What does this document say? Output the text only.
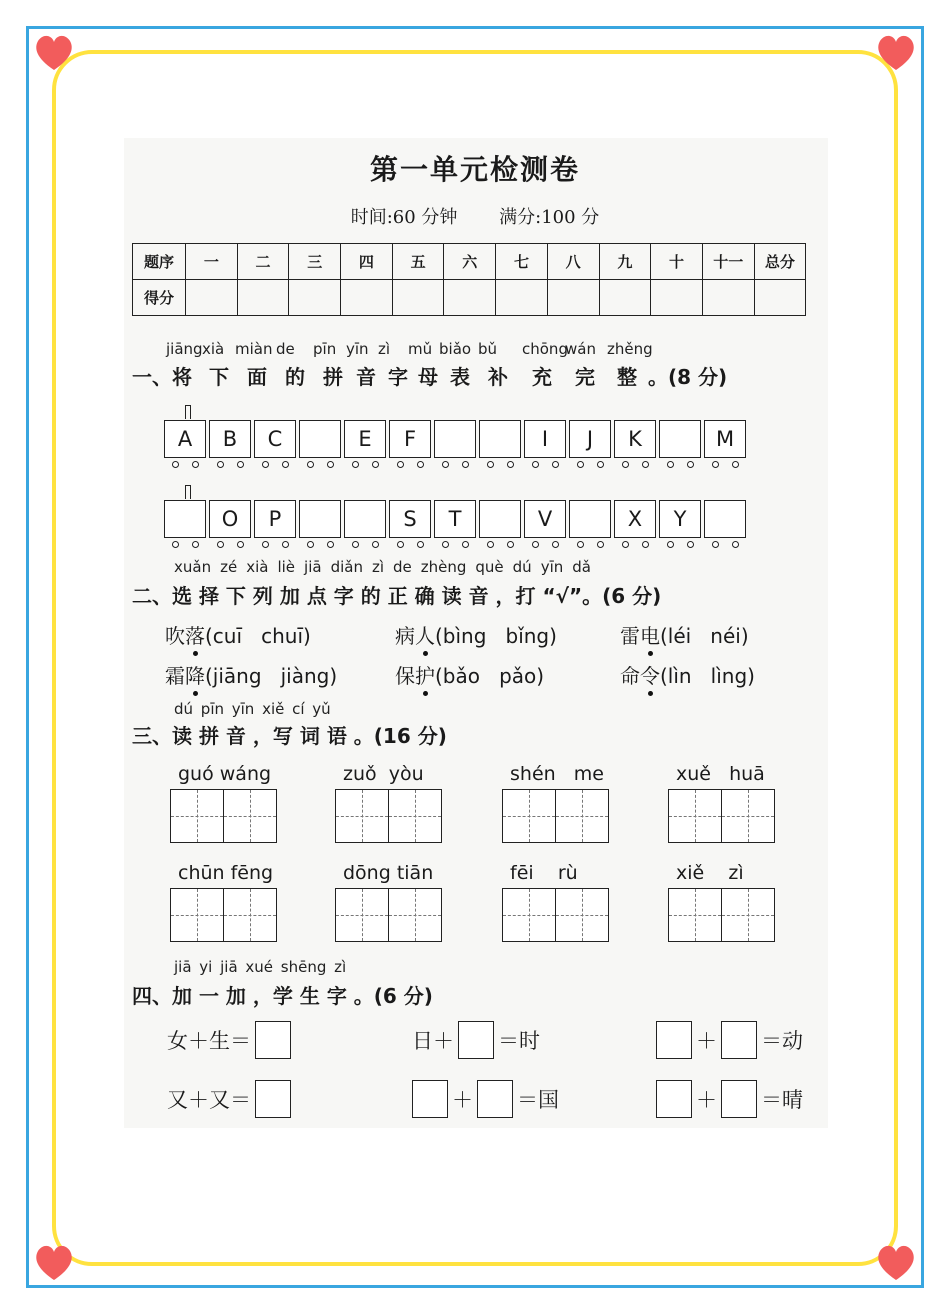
第一单元检测卷
时间:60 分钟 满分:100 分
题序	一	二	三	四	五	六	七	八	九	十	十一	总分
得分												
jiāng xià miàn de pīn yīn zì mǔ biǎo bǔ chōng
wán zhěng
一、将 下 面 的 拼 音 字 母 表 补 充 完 整 。(8 分)
A B C	E F	I J K	M
O P	S T	V	X Y
xuǎn zé xià liè jiā diǎn zì de zhèng què dú yīn dǎ
二、选 择 下 列 加 点 字 的 正 确 读 音 ，打 “√”。(6 分)
吹落(cuī   chuī)	病人(bìng   bǐng)	雷电(léi   néi)
霜降(jiāng   jiàng)	保护(bǎo   pǎo)	命令(lìn   lìng)
dú pīn yīn xiě cí yǔ
三、读 拼 音 ，写 词 语 。(16 分)
guó wáng	zuǒ  yòu	shén   me	xuě   huā
chūn fēng	dōng tiān	fēi    rù	xiě    zì
jiā yi jiā xué shēng zì
四、加 一 加 ，学 生 字 。(6 分)
女＋生＝	日＋ ＝时	＋ ＝动
又＋又＝	＋ ＝国	＋ ＝晴
